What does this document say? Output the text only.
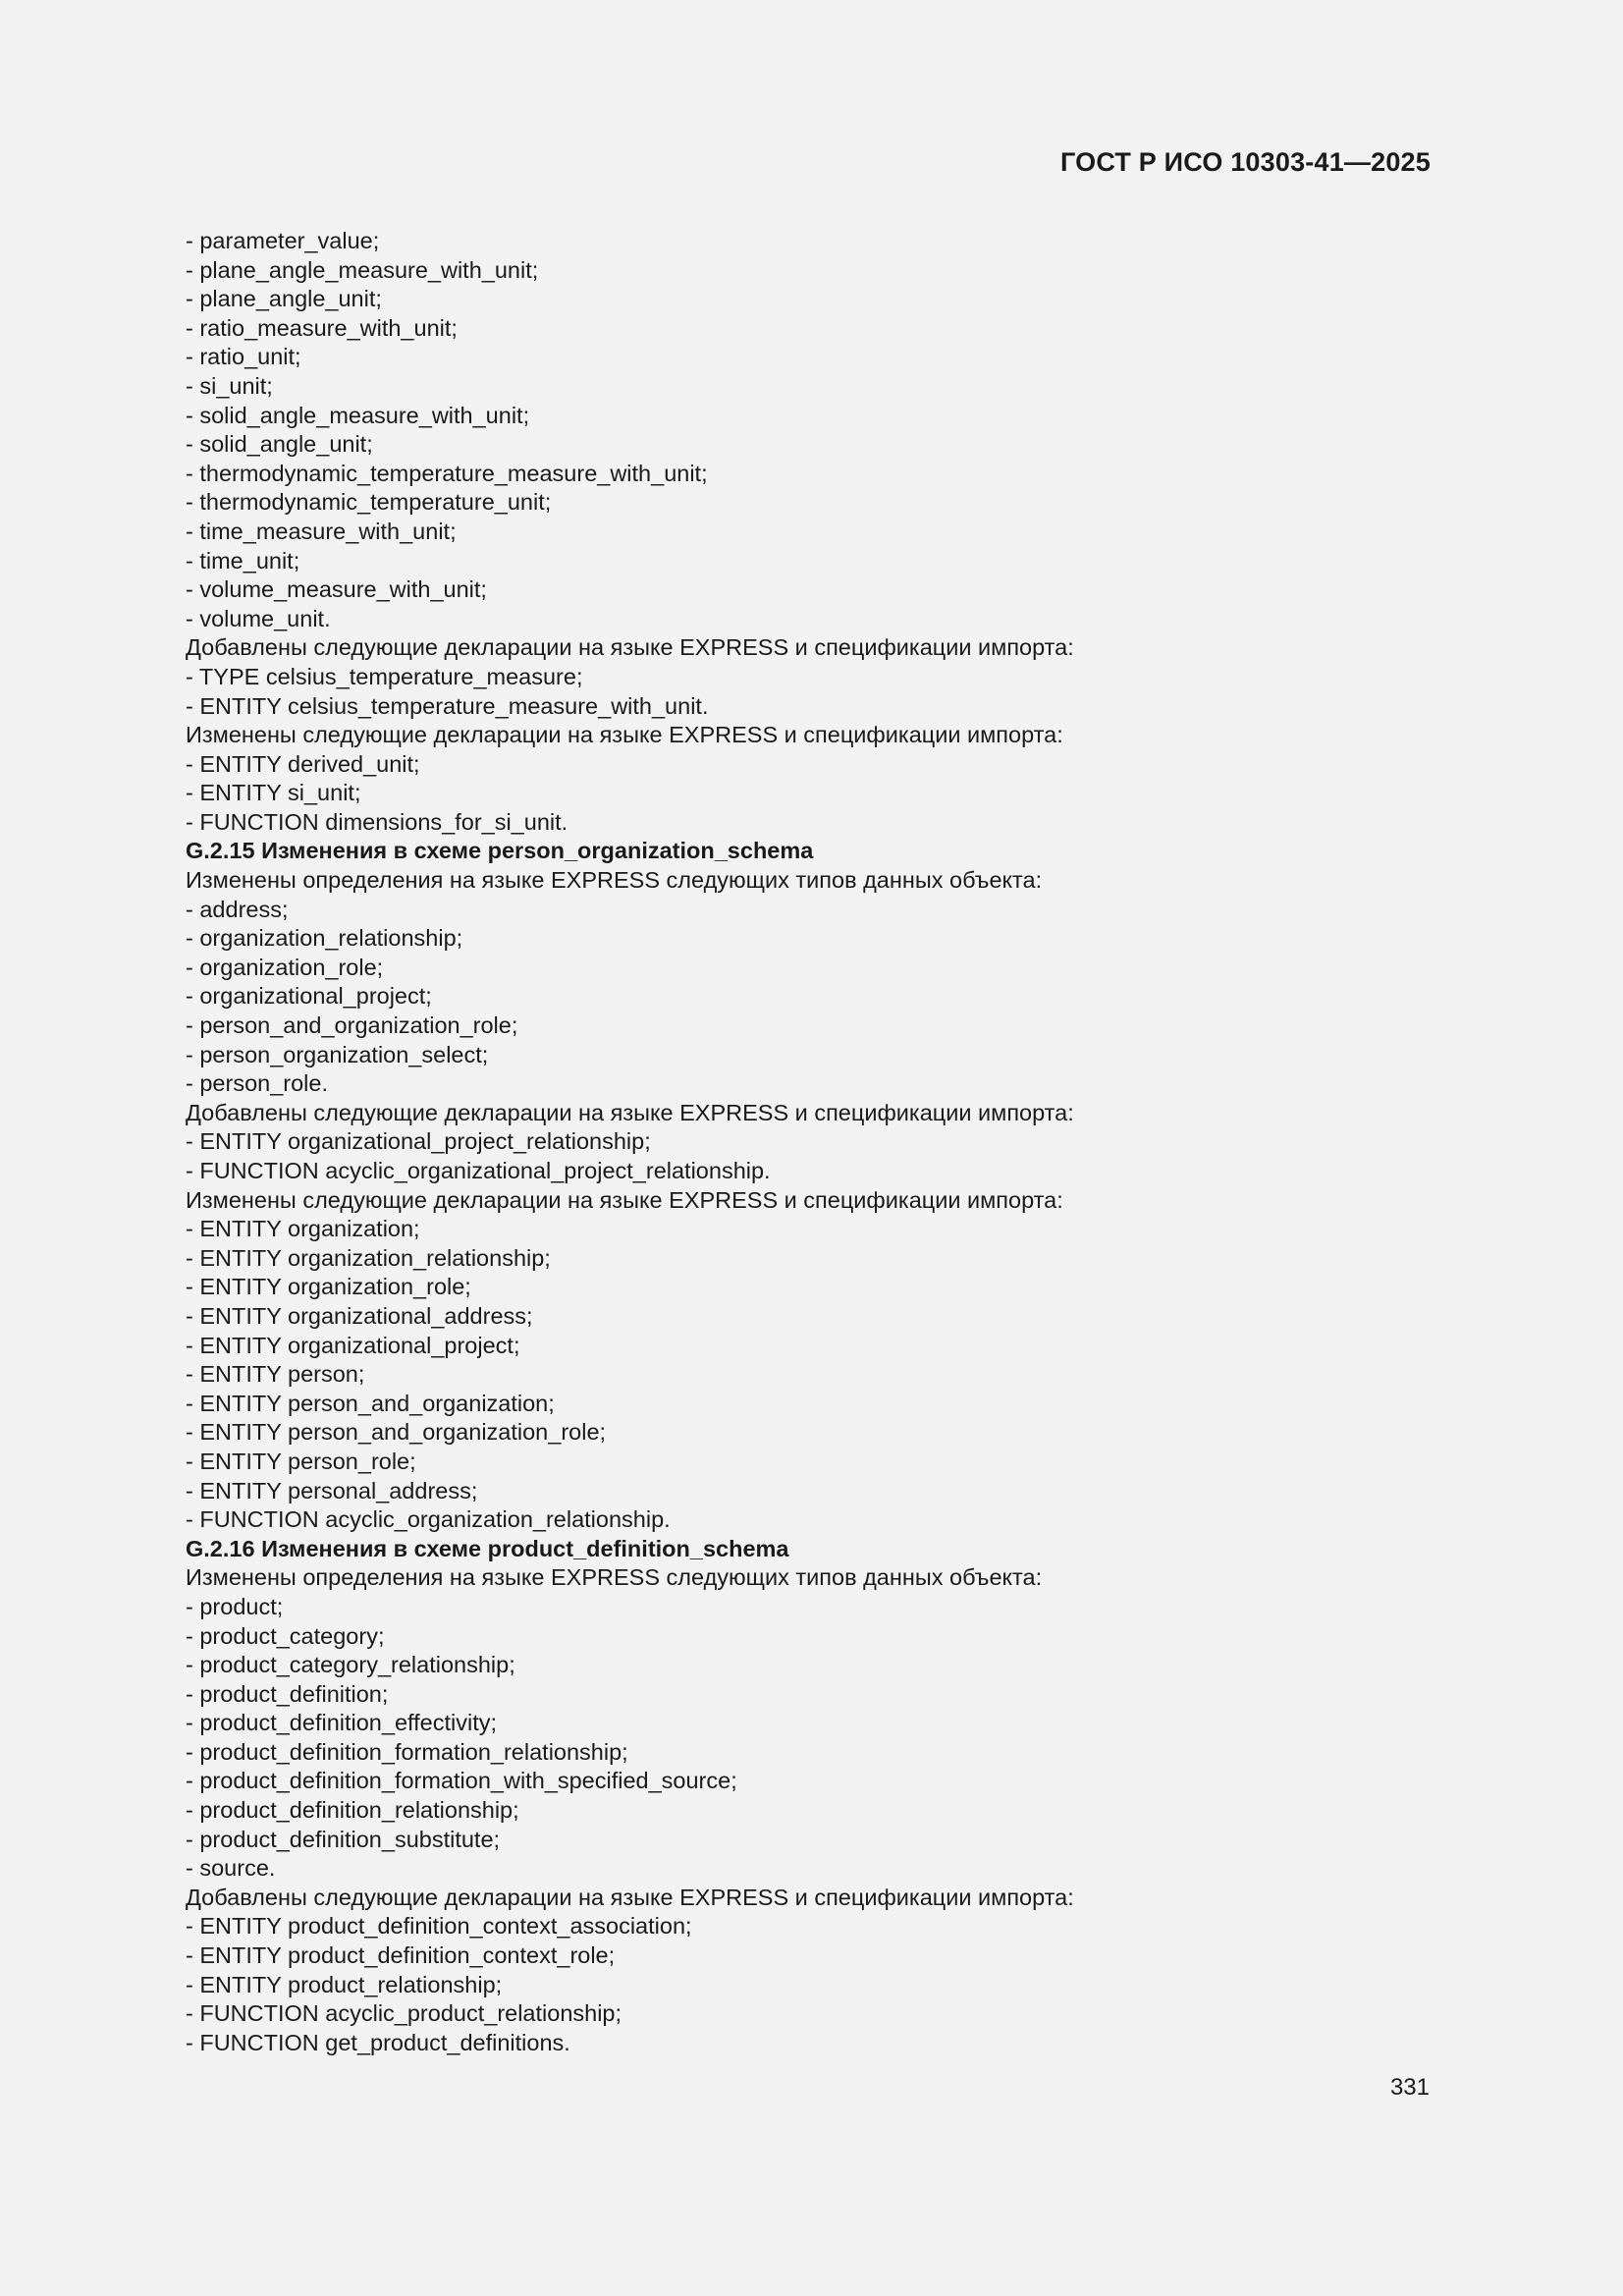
ГОСТ Р ИСО 10303-41—2025
- parameter_value;
- plane_angle_measure_with_unit;
- plane_angle_unit;
- ratio_measure_with_unit;
- ratio_unit;
- si_unit;
- solid_angle_measure_with_unit;
- solid_angle_unit;
- thermodynamic_temperature_measure_with_unit;
- thermodynamic_temperature_unit;
- time_measure_with_unit;
- time_unit;
- volume_measure_with_unit;
- volume_unit.
Добавлены следующие декларации на языке EXPRESS и спецификации импорта:
- TYPE celsius_temperature_measure;
- ENTITY celsius_temperature_measure_with_unit.
Изменены следующие декларации на языке EXPRESS и спецификации импорта:
- ENTITY derived_unit;
- ENTITY si_unit;
- FUNCTION dimensions_for_si_unit.
G.2.15 Изменения в схеме person_organization_schema
Изменены определения на языке EXPRESS следующих типов данных объекта:
- address;
- organization_relationship;
- organization_role;
- organizational_project;
- person_and_organization_role;
- person_organization_select;
- person_role.
Добавлены следующие декларации на языке EXPRESS и спецификации импорта:
- ENTITY organizational_project_relationship;
- FUNCTION acyclic_organizational_project_relationship.
Изменены следующие декларации на языке EXPRESS и спецификации импорта:
- ENTITY organization;
- ENTITY organization_relationship;
- ENTITY organization_role;
- ENTITY organizational_address;
- ENTITY organizational_project;
- ENTITY person;
- ENTITY person_and_organization;
- ENTITY person_and_organization_role;
- ENTITY person_role;
- ENTITY personal_address;
- FUNCTION acyclic_organization_relationship.
G.2.16 Изменения в схеме product_definition_schema
Изменены определения на языке EXPRESS следующих типов данных объекта:
- product;
- product_category;
- product_category_relationship;
- product_definition;
- product_definition_effectivity;
- product_definition_formation_relationship;
- product_definition_formation_with_specified_source;
- product_definition_relationship;
- product_definition_substitute;
- source.
Добавлены следующие декларации на языке EXPRESS и спецификации импорта:
- ENTITY product_definition_context_association;
- ENTITY product_definition_context_role;
- ENTITY product_relationship;
- FUNCTION acyclic_product_relationship;
- FUNCTION get_product_definitions.
331
